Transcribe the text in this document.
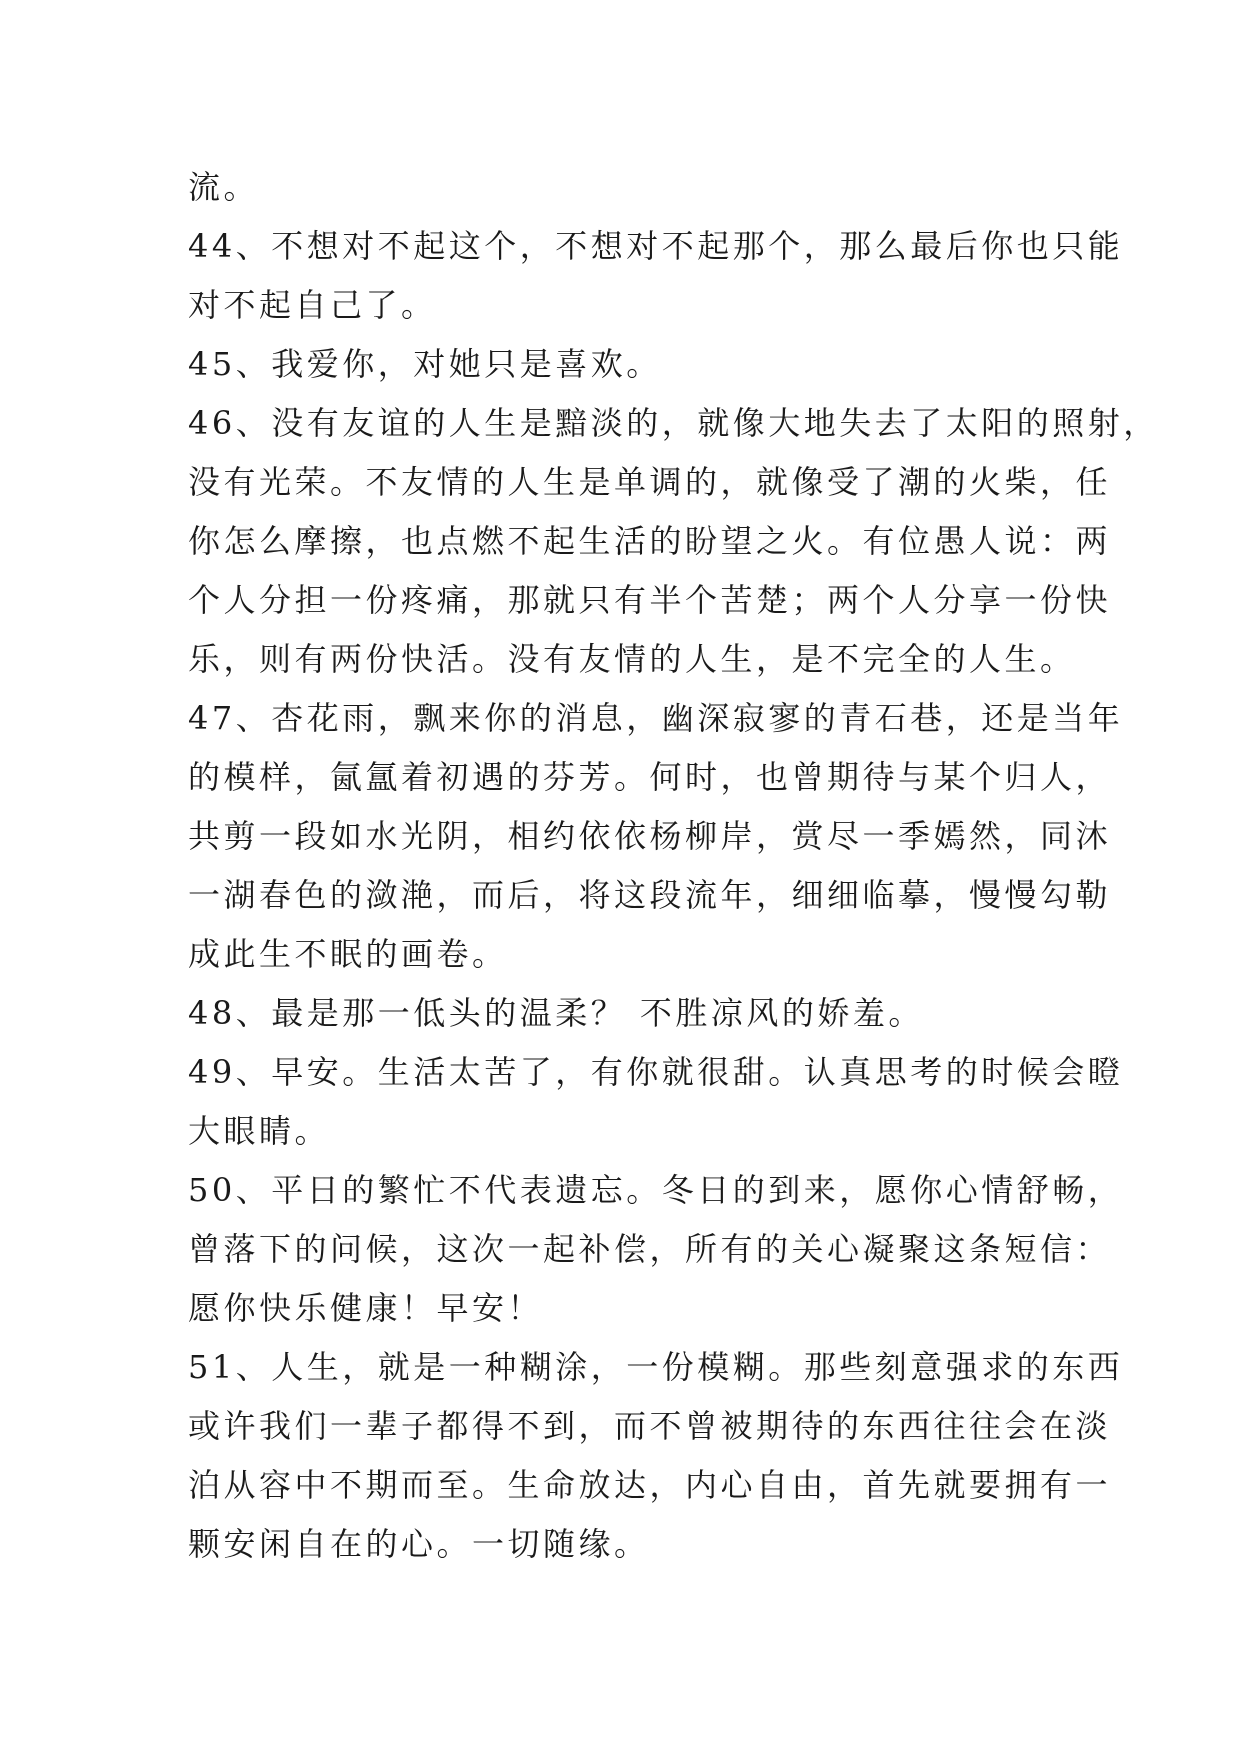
流。
44、不想对不起这个，不想对不起那个，那么最后你也只能
对不起自己了。
45、我爱你，对她只是喜欢。
46、没有友谊的人生是黯淡的，就像大地失去了太阳的照射，
没有光荣。不友情的人生是单调的，就像受了潮的火柴，任
你怎么摩擦，也点燃不起生活的盼望之火。有位愚人说：两
个人分担一份疼痛，那就只有半个苦楚；两个人分享一份快
乐，则有两份快活。没有友情的人生，是不完全的人生。
47、杏花雨，飘来你的消息，幽深寂寥的青石巷，还是当年
的模样，氤氲着初遇的芬芳。何时，也曾期待与某个归人，
共剪一段如水光阴，相约依依杨柳岸，赏尽一季嫣然，同沐
一湖春色的潋滟，而后，将这段流年，细细临摹，慢慢勾勒
成此生不眠的画卷。
48、最是那一低头的温柔？ 不胜凉风的娇羞。
49、早安。生活太苦了，有你就很甜。认真思考的时候会瞪
大眼睛。
50、平日的繁忙不代表遗忘。冬日的到来，愿你心情舒畅，
曾落下的问候，这次一起补偿，所有的关心凝聚这条短信：
愿你快乐健康！早安！
51、人生，就是一种糊涂，一份模糊。那些刻意强求的东西
或许我们一辈子都得不到，而不曾被期待的东西往往会在淡
泊从容中不期而至。生命放达，内心自由，首先就要拥有一
颗安闲自在的心。一切随缘。
